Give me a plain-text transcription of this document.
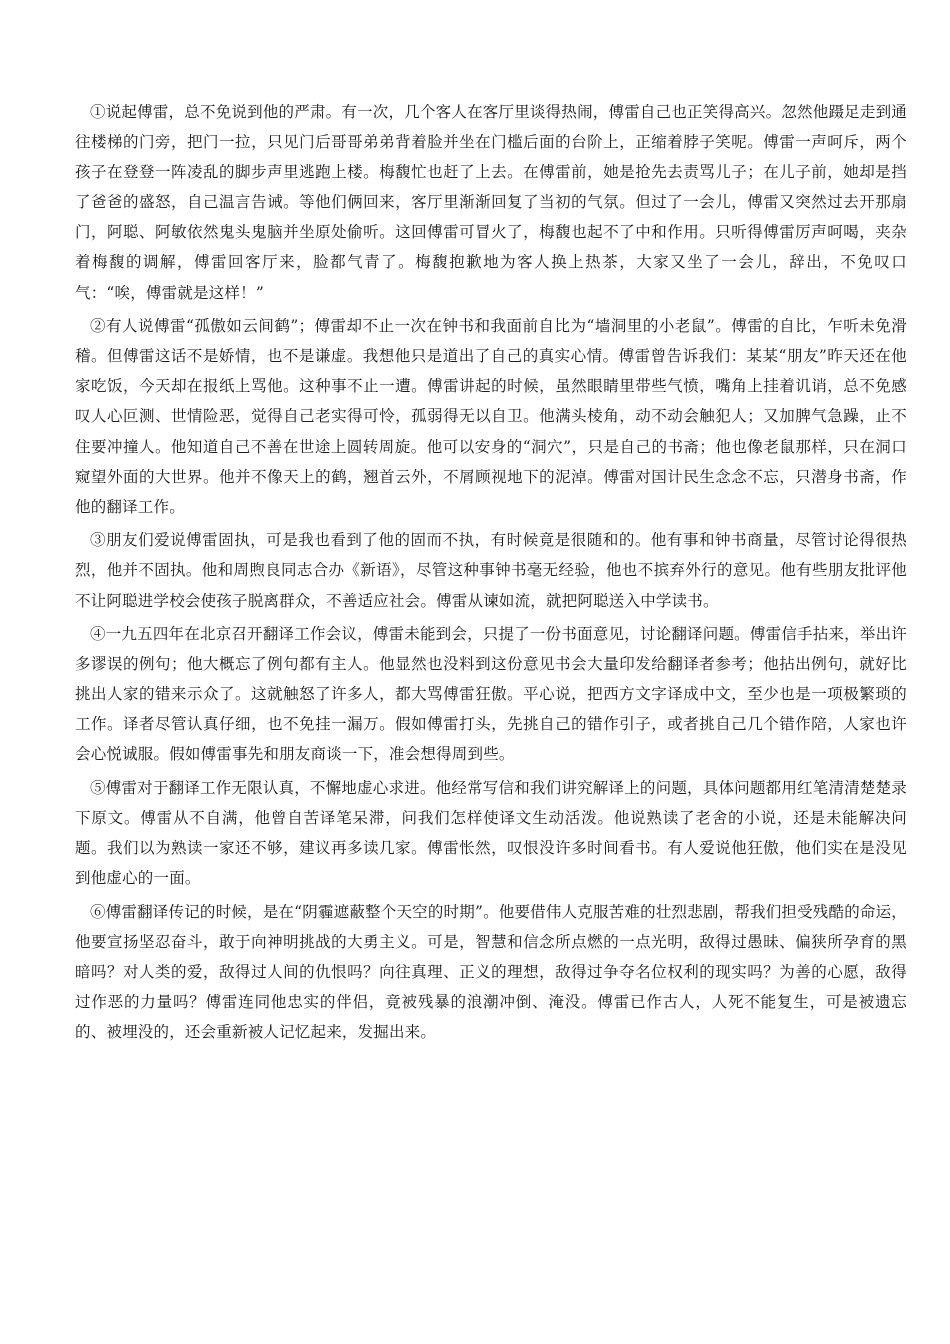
①说起傅雷，总不免说到他的严肃。有一次，几个客人在客厅里谈得热闹，傅雷自己也正笑得高兴。忽然他蹑足走到通往楼梯的门旁，把门一拉，只见门后哥哥弟弟背着脸并坐在门槛后面的台阶上，正缩着脖子笑呢。傅雷一声呵斥，两个孩子在登登一阵凌乱的脚步声里逃跑上楼。梅馥忙也赶了上去。在傅雷前，她是抢先去责骂儿子；在儿子前，她却是挡了爸爸的盛怒，自己温言告诫。等他们俩回来，客厅里渐渐回复了当初的气氛。但过了一会儿，傅雷又突然过去开那扇门，阿聪、阿敏依然鬼头鬼脑并坐原处偷听。这回傅雷可冒火了，梅馥也起不了中和作用。只听得傅雷厉声呵喝，夹杂着梅馥的调解，傅雷回客厅来，脸都气青了。梅馥抱歉地为客人换上热茶，大家又坐了一会儿，辞出，不免叹口气：“唉，傅雷就是这样！”

②有人说傅雷“孤傲如云间鹤”；傅雷却不止一次在钟书和我面前自比为“墙洞里的小老鼠”。傅雷的自比，乍听未免滑稽。但傅雷这话不是娇情，也不是谦虚。我想他只是道出了自己的真实心情。傅雷曾告诉我们：某某“朋友”昨天还在他家吃饭，今天却在报纸上骂他。这种事不止一遭。傅雷讲起的时候，虽然眼睛里带些气愤，嘴角上挂着讥诮，总不免感叹人心叵测、世情险恶，觉得自己老实得可怜，孤弱得无以自卫。他满头棱角，动不动会触犯人；又加脾气急躁，止不住要冲撞人。他知道自己不善在世途上圆转周旋。他可以安身的“洞穴”，只是自己的书斋；他也像老鼠那样，只在洞口窥望外面的大世界。他并不像天上的鹤，翘首云外，不屑顾视地下的泥淖。傅雷对国计民生念念不忘，只潜身书斋，作他的翻译工作。

③朋友们爱说傅雷固执，可是我也看到了他的固而不执，有时候竟是很随和的。他有事和钟书商量，尽管讨论得很热烈，他并不固执。他和周煦良同志合办《新语》，尽管这种事钟书毫无经验，他也不摈弃外行的意见。他有些朋友批评他不让阿聪进学校会使孩子脱离群众，不善适应社会。傅雷从谏如流，就把阿聪送入中学读书。

④一九五四年在北京召开翻译工作会议，傅雷未能到会，只提了一份书面意见，讨论翻译问题。傅雷信手拈来，举出许多谬误的例句；他大概忘了例句都有主人。他显然也没料到这份意见书会大量印发给翻译者参考；他拈出例句，就好比挑出人家的错来示众了。这就触怒了许多人，都大骂傅雷狂傲。平心说，把西方文字译成中文，至少也是一项极繁琐的工作。译者尽管认真仔细，也不免挂一漏万。假如傅雷打头，先挑自己的错作引子，或者挑自己几个错作陪，人家也许会心悦诚服。假如傅雷事先和朋友商谈一下，准会想得周到些。

⑤傅雷对于翻译工作无限认真，不懈地虚心求进。他经常写信和我们讲究解译上的问题，具体问题都用红笔清清楚楚录下原文。傅雷从不自满，他曾自苦译笔呆滞，问我们怎样使译文生动活泼。他说熟读了老舍的小说，还是未能解决问题。我们以为熟读一家还不够，建议再多读几家。傅雷怅然，叹恨没许多时间看书。有人爱说他狂傲，他们实在是没见到他虚心的一面。

⑥傅雷翻译传记的时候，是在“阴霾遮蔽整个天空的时期”。他要借伟人克服苦难的壮烈悲剧，帮我们担受残酷的命运，他要宣扬坚忍奋斗，敢于向神明挑战的大勇主义。可是，智慧和信念所点燃的一点光明，敌得过愚昧、偏狭所孕育的黑暗吗？对人类的爱，敌得过人间的仇恨吗？向往真理、正义的理想，敌得过争夺名位权利的现实吗？为善的心愿，敌得过作恶的力量吗？傅雷连同他忠实的伴侣，竟被残暴的浪潮冲倒、淹没。傅雷已作古人，人死不能复生，可是被遗忘的、被埋没的，还会重新被人记忆起来，发掘出来。
